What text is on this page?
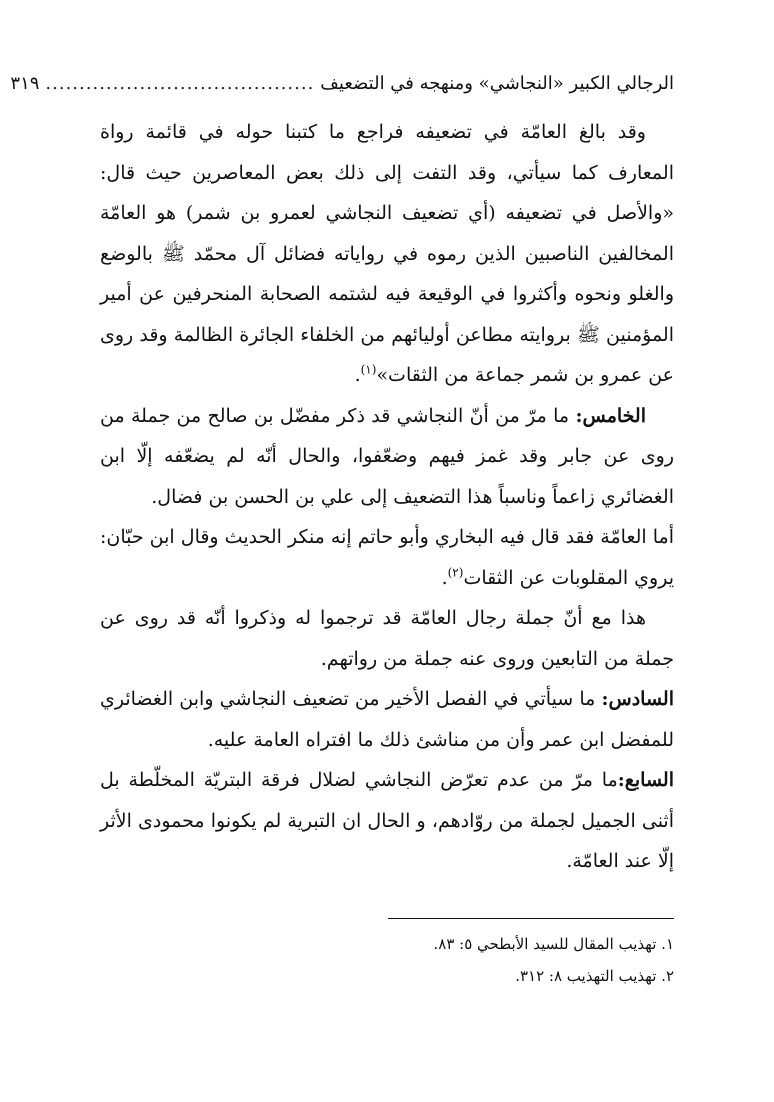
الرجالي الكبير «النجاشي» ومنهجه في التضعيف
........................................
٣١٩

وقد بالغ العامّة في تضعيفه فراجع ما كتبنا حوله في قائمة رواة المعارف كما سيأتي، وقد التفت إلى ذلك بعض المعاصرين حيث قال: «والأصل في تضعيفه (أي تضعيف النجاشي لعمرو بن شمر) هو العامّة المخالفين الناصبين الذين رموه في رواياته فضائل آل محمّد ﷺ بالوضع والغلو ونحوه وأكثروا في الوقيعة فيه لشتمه الصحابة المنحرفين عن أمير المؤمنين ﷺ بروايته مطاعن أوليائهم من الخلفاء الجائرة الظالمة وقد روى عن عمرو بن شمر جماعة من الثقات»$^{(١)}$.

الخامس: ما مرّ من أنّ النجاشي قد ذكر مفضّل بن صالح من جملة من روى عن جابر وقد غمز فيهم وضعّفوا، والحال أنّه لم يضعّفه إلّا ابن الغضائري زاعماً وناسباً هذا التضعيف إلى علي بن الحسن بن فضال.

أما العامّة فقد قال فيه البخاري وأبو حاتم إنه منكر الحديث وقال ابن حبّان: يروي المقلوبات عن الثقات$^{(٢)}$.

هذا مع أنّ جملة رجال العامّة قد ترجموا له وذكروا أنّه قد روى عن جملة من التابعين وروى عنه جملة من رواتهم.

السادس: ما سيأتي في الفصل الأخير من تضعيف النجاشي وابن الغضائري للمفضل ابن عمر وأن من مناشئ ذلك ما افتراه العامة عليه.

السابع:ما مرّ من عدم تعرّض النجاشي لضلال فرقة البتريّة المخلّطة بل أثنى الجميل لجملة من روّادهم، و الحال ان التبرية لم يكونوا محمودى الأثر إلّا عند العامّة.

١. تهذيب المقال للسيد الأبطحي ٥: ٨٣.

٢. تهذيب التهذيب ٨: ٣١٢.
